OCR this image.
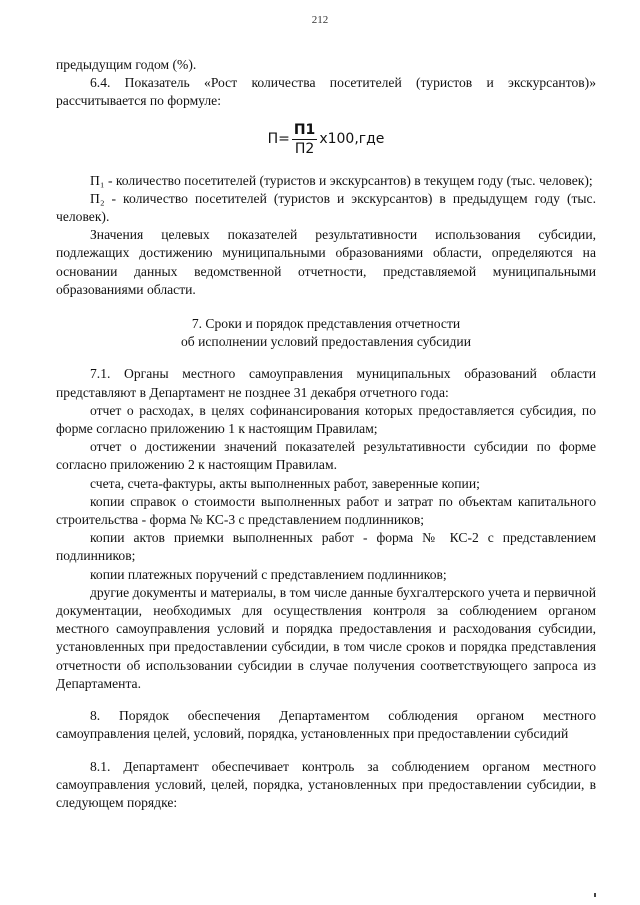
212

предыдущим годом (%).

6.4. Показатель «Рост количества посетителей (туристов и экскурсантов)» рассчитывается по формуле:

$П= \frac{П1}{П2} х100,где$

П₁ - количество посетителей (туристов и экскурсантов) в текущем году (тыс. человек);

П₂ - количество посетителей (туристов и экскурсантов) в предыдущем году (тыс. человек).

Значения целевых показателей результативности использования субсидии, подлежащих достижению муниципальными образованиями области, определяются на основании данных ведомственной отчетности, представляемой муниципальными образованиями области.

7. Сроки и порядок представления отчетности
об исполнении условий предоставления субсидии

7.1. Органы местного самоуправления муниципальных образований области представляют в Департамент не позднее 31 декабря отчетного года:

отчет о расходах, в целях софинансирования которых предоставляется субсидия, по форме согласно приложению 1 к настоящим Правилам;

отчет о достижении значений показателей результативности субсидии по форме согласно приложению 2 к настоящим Правилам.

счета, счета-фактуры, акты выполненных работ, заверенные копии;

копии справок о стоимости выполненных работ и затрат по объектам капитального строительства - форма № КС-3 с представлением подлинников;

копии актов приемки выполненных работ - форма № КС-2 с представлением подлинников;

копии платежных поручений с представлением подлинников;

другие документы и материалы, в том числе данные бухгалтерского учета и первичной документации, необходимых для осуществления контроля за соблюдением органом местного самоуправления условий и порядка предоставления и расходования субсидии, установленных при предоставлении субсидии, в том числе сроков и порядка представления отчетности об использовании субсидии в случае получения соответствующего запроса из Департамента.

8. Порядок обеспечения Департаментом соблюдения органом местного самоуправления целей, условий, порядка, установленных при предоставлении субсидий

8.1. Департамент обеспечивает контроль за соблюдением органом местного самоуправления условий, целей, порядка, установленных при предоставлении субсидии, в следующем порядке:
